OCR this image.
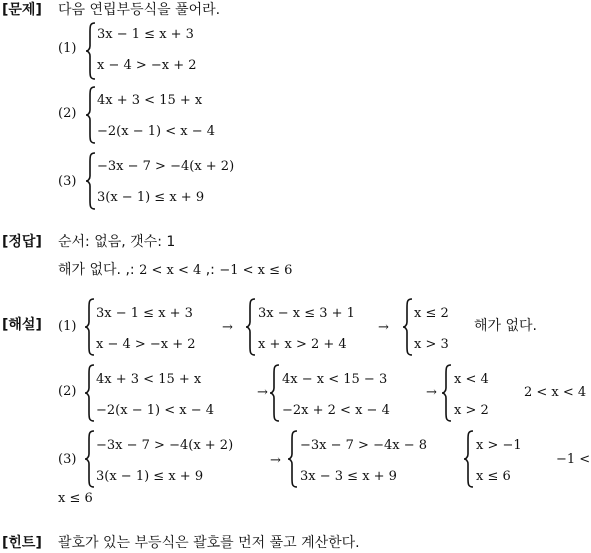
[문제] 다음 연립부등식을 풀어라.
(1)
3x − 1 ≤ x + 3
x − 4 > −x + 2
(2)
4x + 3 < 15 + x
−2(x − 1) < x − 4
(3)
−3x − 7 > −4(x + 2)
3(x − 1) ≤ x + 9
[정답] 순서: 없음, 갯수: 1
해가 없다. ,: 2 < x < 4 ,: −1 < x ≤ 6
[해설] (1)
3x − 1 ≤ x + 3
x − 4 > −x + 2
→
3x − x ≤ 3 + 1
x + x > 2 + 4
→
x ≤ 2
x > 3
해가 없다.
(2)
4x + 3 < 15 + x
−2(x − 1) < x − 4
→
4x − x < 15 − 3
−2x + 2 < x − 4
→
x < 4
x > 2
2 < x < 4
(3)
−3x − 7 > −4(x + 2)
3(x − 1) ≤ x + 9
→
−3x − 7 > −4x − 8
3x − 3 ≤ x + 9
x > −1
x ≤ 6
−1 <
x ≤ 6
[힌트] 괄호가 있는 부등식은 괄호를 먼저 풀고 계산한다.
